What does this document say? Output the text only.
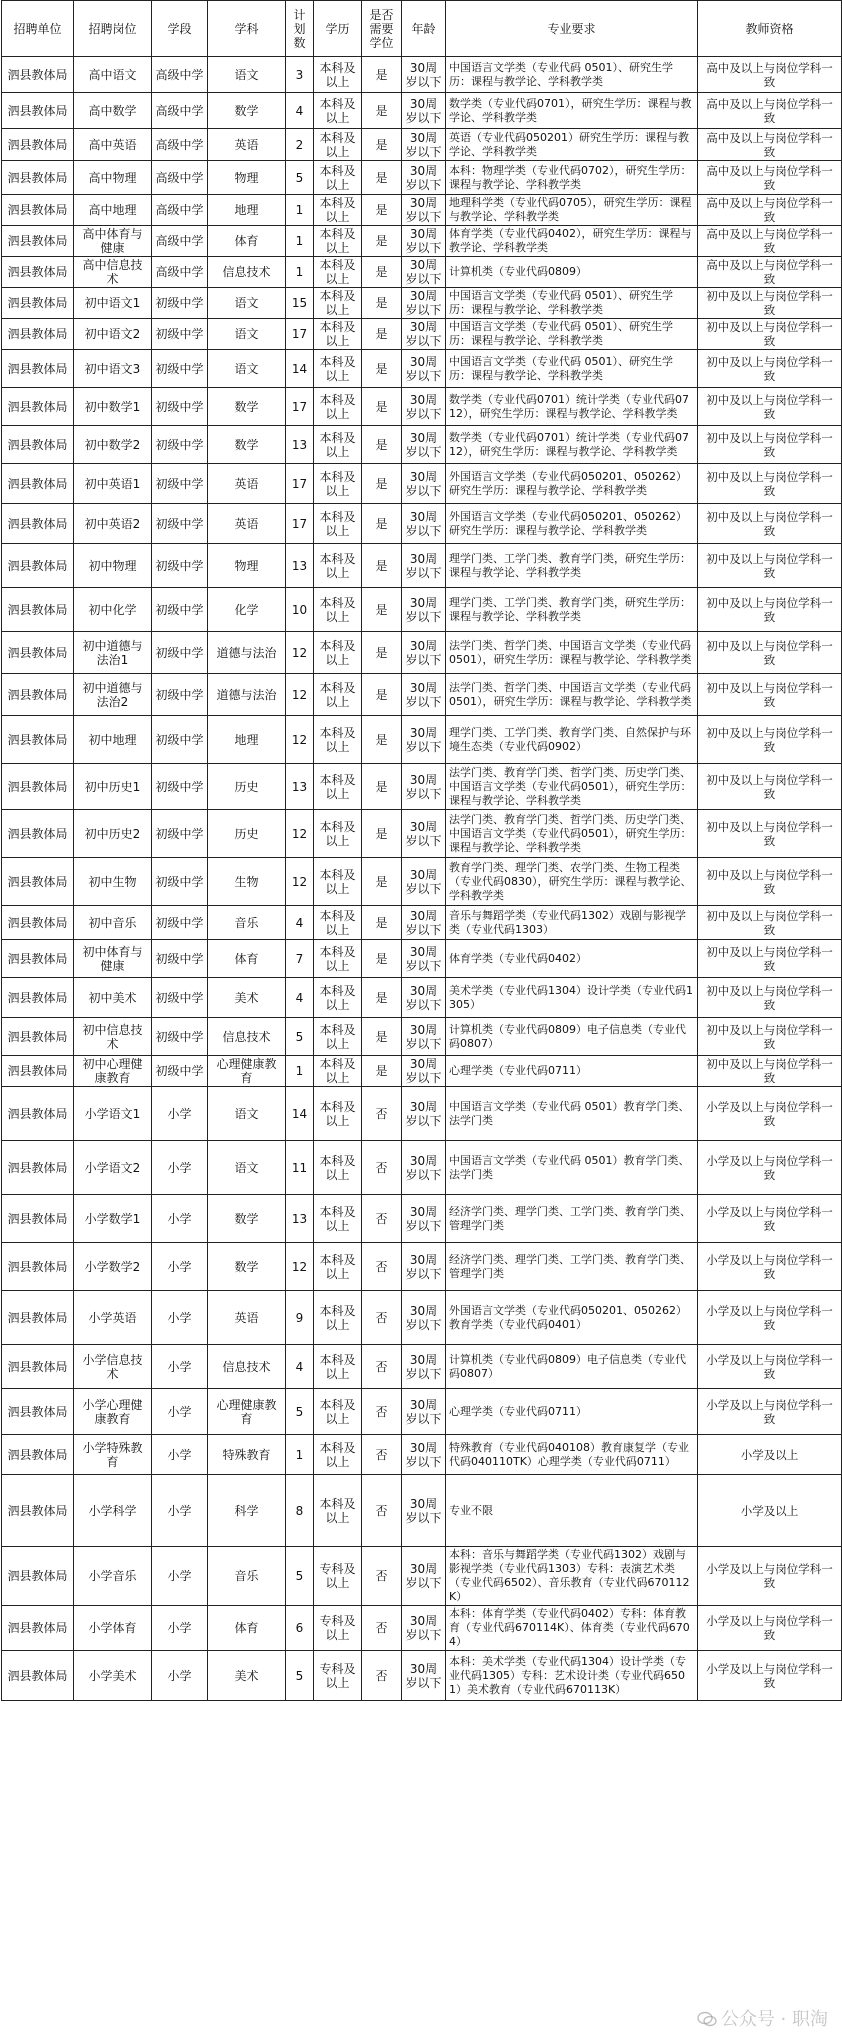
招聘单位	招聘岗位	学段	学科	计划数	学历	是否需要学位	年龄	专业要求	教师资格
泗县教体局	高中语文	高级中学	语文	3	本科及以上	是	30周岁以下	中国语言文学类（专业代码 0501）、研究生学历：课程与教学论、学科教学类	高中及以上与岗位学科一致
泗县教体局	高中数学	高级中学	数学	4	本科及以上	是	30周岁以下	数学类（专业代码0701），研究生学历：课程与教学论、学科教学类	高中及以上与岗位学科一致
泗县教体局	高中英语	高级中学	英语	2	本科及以上	是	30周岁以下	英语（专业代码050201）研究生学历：课程与教学论、学科教学类	高中及以上与岗位学科一致
泗县教体局	高中物理	高级中学	物理	5	本科及以上	是	30周岁以下	本科：物理学类（专业代码0702），研究生学历：课程与教学论、学科教学类	高中及以上与岗位学科一致
泗县教体局	高中地理	高级中学	地理	1	本科及以上	是	30周岁以下	地理科学类（专业代码0705），研究生学历：课程与教学论、学科教学类	高中及以上与岗位学科一致
泗县教体局	高中体育与健康	高级中学	体育	1	本科及以上	是	30周岁以下	体育学类（专业代码0402），研究生学历：课程与教学论、学科教学类	高中及以上与岗位学科一致
泗县教体局	高中信息技术	高级中学	信息技术	1	本科及以上	是	30周岁以下	计算机类（专业代码0809）	高中及以上与岗位学科一致
泗县教体局	初中语文1	初级中学	语文	15	本科及以上	是	30周岁以下	中国语言文学类（专业代码 0501）、研究生学历：课程与教学论、学科教学类	初中及以上与岗位学科一致
泗县教体局	初中语文2	初级中学	语文	17	本科及以上	是	30周岁以下	中国语言文学类（专业代码 0501）、研究生学历：课程与教学论、学科教学类	初中及以上与岗位学科一致
泗县教体局	初中语文3	初级中学	语文	14	本科及以上	是	30周岁以下	中国语言文学类（专业代码 0501）、研究生学历：课程与教学论、学科教学类	初中及以上与岗位学科一致
泗县教体局	初中数学1	初级中学	数学	17	本科及以上	是	30周岁以下	数学类（专业代码0701）统计学类（专业代码0712），研究生学历：课程与教学论、学科教学类	初中及以上与岗位学科一致
泗县教体局	初中数学2	初级中学	数学	13	本科及以上	是	30周岁以下	数学类（专业代码0701）统计学类（专业代码0712），研究生学历：课程与教学论、学科教学类	初中及以上与岗位学科一致
泗县教体局	初中英语1	初级中学	英语	17	本科及以上	是	30周岁以下	外国语言文学类（专业代码050201、050262）研究生学历：课程与教学论、学科教学类	初中及以上与岗位学科一致
泗县教体局	初中英语2	初级中学	英语	17	本科及以上	是	30周岁以下	外国语言文学类（专业代码050201、050262）研究生学历：课程与教学论、学科教学类	初中及以上与岗位学科一致
泗县教体局	初中物理	初级中学	物理	13	本科及以上	是	30周岁以下	理学门类、工学门类、教育学门类，研究生学历：课程与教学论、学科教学类	初中及以上与岗位学科一致
泗县教体局	初中化学	初级中学	化学	10	本科及以上	是	30周岁以下	理学门类、工学门类、教育学门类，研究生学历：课程与教学论、学科教学类	初中及以上与岗位学科一致
泗县教体局	初中道德与法治1	初级中学	道德与法治	12	本科及以上	是	30周岁以下	法学门类、哲学门类、中国语言文学类（专业代码 0501），研究生学历：课程与教学论、学科教学类	初中及以上与岗位学科一致
泗县教体局	初中道德与法治2	初级中学	道德与法治	12	本科及以上	是	30周岁以下	法学门类、哲学门类、中国语言文学类（专业代码 0501），研究生学历：课程与教学论、学科教学类	初中及以上与岗位学科一致
泗县教体局	初中地理	初级中学	地理	12	本科及以上	是	30周岁以下	理学门类、工学门类、教育学门类、自然保护与环境生态类（专业代码0902）	初中及以上与岗位学科一致
泗县教体局	初中历史1	初级中学	历史	13	本科及以上	是	30周岁以下	法学门类、教育学门类、哲学门类、历史学门类、中国语言文学类（专业代码0501），研究生学历：课程与教学论、学科教学类	初中及以上与岗位学科一致
泗县教体局	初中历史2	初级中学	历史	12	本科及以上	是	30周岁以下	法学门类、教育学门类、哲学门类、历史学门类、中国语言文学类（专业代码0501），研究生学历：课程与教学论、学科教学类	初中及以上与岗位学科一致
泗县教体局	初中生物	初级中学	生物	12	本科及以上	是	30周岁以下	教育学门类、理学门类、农学门类、生物工程类（专业代码0830），研究生学历：课程与教学论、学科教学类	初中及以上与岗位学科一致
泗县教体局	初中音乐	初级中学	音乐	4	本科及以上	是	30周岁以下	音乐与舞蹈学类（专业代码1302）戏剧与影视学类（专业代码1303）	初中及以上与岗位学科一致
泗县教体局	初中体育与健康	初级中学	体育	7	本科及以上	是	30周岁以下	体育学类（专业代码0402）	初中及以上与岗位学科一致
泗县教体局	初中美术	初级中学	美术	4	本科及以上	是	30周岁以下	美术学类（专业代码1304）设计学类（专业代码1305）	初中及以上与岗位学科一致
泗县教体局	初中信息技术	初级中学	信息技术	5	本科及以上	是	30周岁以下	计算机类（专业代码0809）电子信息类（专业代码0807）	初中及以上与岗位学科一致
泗县教体局	初中心理健康教育	初级中学	心理健康教育	1	本科及以上	是	30周岁以下	心理学类（专业代码0711）	初中及以上与岗位学科一致
泗县教体局	小学语文1	小学	语文	14	本科及以上	否	30周岁以下	中国语言文学类（专业代码 0501）教育学门类、法学门类	小学及以上与岗位学科一致
泗县教体局	小学语文2	小学	语文	11	本科及以上	否	30周岁以下	中国语言文学类（专业代码 0501）教育学门类、法学门类	小学及以上与岗位学科一致
泗县教体局	小学数学1	小学	数学	13	本科及以上	否	30周岁以下	经济学门类、理学门类、工学门类、教育学门类、管理学门类	小学及以上与岗位学科一致
泗县教体局	小学数学2	小学	数学	12	本科及以上	否	30周岁以下	经济学门类、理学门类、工学门类、教育学门类、管理学门类	小学及以上与岗位学科一致
泗县教体局	小学英语	小学	英语	9	本科及以上	否	30周岁以下	外国语言文学类（专业代码050201、050262）教育学类（专业代码0401）	小学及以上与岗位学科一致
泗县教体局	小学信息技术	小学	信息技术	4	本科及以上	否	30周岁以下	计算机类（专业代码0809）电子信息类（专业代码0807）	小学及以上与岗位学科一致
泗县教体局	小学心理健康教育	小学	心理健康教育	5	本科及以上	否	30周岁以下	心理学类（专业代码0711）	小学及以上与岗位学科一致
泗县教体局	小学特殊教育	小学	特殊教育	1	本科及以上	否	30周岁以下	特殊教育（专业代码040108）教育康复学（专业代码040110TK）心理学类（专业代码0711）	小学及以上
泗县教体局	小学科学	小学	科学	8	本科及以上	否	30周岁以下	专业不限	小学及以上
泗县教体局	小学音乐	小学	音乐	5	专科及以上	否	30周岁以下	本科：音乐与舞蹈学类（专业代码1302）戏剧与影视学类（专业代码1303）专科：表演艺术类（专业代码6502）、音乐教育（专业代码670112K）	小学及以上与岗位学科一致
泗县教体局	小学体育	小学	体育	6	专科及以上	否	30周岁以下	本科：体育学类（专业代码0402）专科：体育教育（专业代码670114K）、体育类（专业代码6704）	小学及以上与岗位学科一致
泗县教体局	小学美术	小学	美术	5	专科及以上	否	30周岁以下	本科：美术学类（专业代码1304）设计学类（专业代码1305）专科：艺术设计类（专业代码6501）美术教育（专业代码670113K）	小学及以上与岗位学科一致
公众号 · 职淘
